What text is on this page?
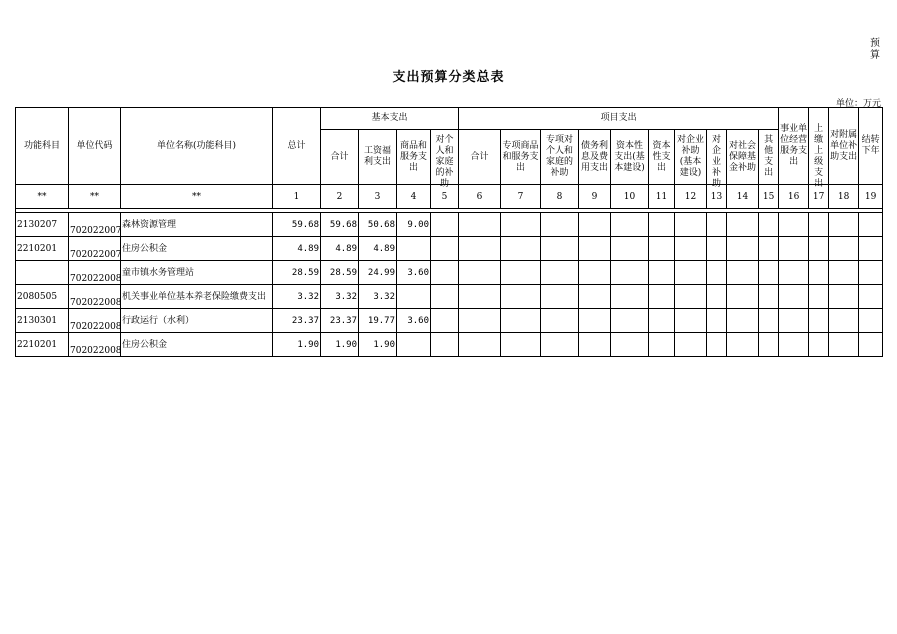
预
算
支出预算分类总表
单位：万元
功能科目	单位代码	单位名称(功能科目)	总计	基本支出				项目支出										事业单位经营服务支出	上缴上级支出	对附属单位补助支出	结转下年

				合计	工资福利支出	商品和服务支出	对个人和家庭的补助	合计	专项商品和服务支出	专项对个人和家庭的补助	债务利息及费用支出	资本性支出(基本建设)	资本性支出	对企业补助(基本建设)	对企业补助	对社会保障基金补助	其他支出				

**	**	**	1	2	3	4	5	6	7	8	9	10	11	12	13	14	15	16	17	18	19

2130207	702022007	森林资源管理	59.68	59.68	50.68	9.00															
2210201	702022007	住房公积金	4.89	4.89	4.89																
	702022008	童市镇水务管理站	28.59	28.59	24.99	3.60															
2080505	702022008	机关事业单位基本养老保险缴费支出	3.32	3.32	3.32																
2130301	702022008	行政运行（水利）	23.37	23.37	19.77	3.60															
2210201	702022008	住房公积金	1.90	1.90	1.90																
